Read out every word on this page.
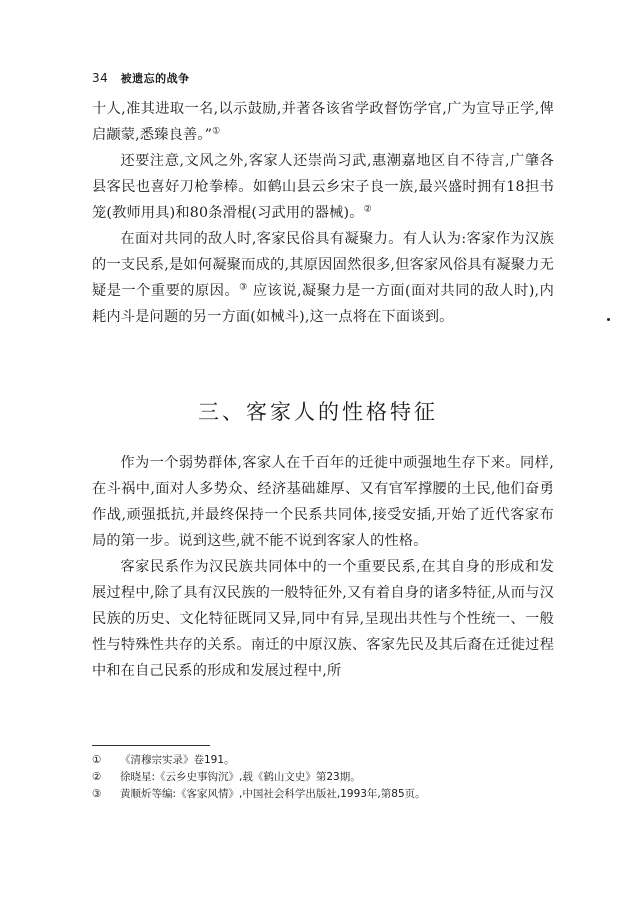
34 被遗忘的战争

十人,准其进取一名,以示鼓励,并著各该省学政督饬学官,广为宣导正学,俾启颛蒙,悉臻良善。”①

还要注意,文风之外,客家人还崇尚习武,惠潮嘉地区自不待言,广肇各县客民也喜好刀枪拳棒。如鹤山县云乡宋子良一族,最兴盛时拥有18担书笼(教师用具)和80条滑棍(习武用的器械)。②

在面对共同的敌人时,客家民俗具有凝聚力。有人认为:客家作为汉族的一支民系,是如何凝聚而成的,其原因固然很多,但客家风俗具有凝聚力无疑是一个重要的原因。③ 应该说,凝聚力是一方面(面对共同的敌人时),内耗内斗是问题的另一方面(如械斗),这一点将在下面谈到。

三、客家人的性格特征

作为一个弱势群体,客家人在千百年的迁徙中顽强地生存下来。同样,在斗祸中,面对人多势众、经济基础雄厚、又有官军撑腰的土民,他们奋勇作战,顽强抵抗,并最终保持一个民系共同体,接受安插,开始了近代客家布局的第一步。说到这些,就不能不说到客家人的性格。

客家民系作为汉民族共同体中的一个重要民系,在其自身的形成和发展过程中,除了具有汉民族的一般特征外,又有着自身的诸多特征,从而与汉民族的历史、文化特征既同又异,同中有异,呈现出共性与个性统一、一般性与特殊性共存的关系。南迁的中原汉族、客家先民及其后裔在迁徙过程中和在自己民系的形成和发展过程中,所

①	《清穆宗实录》卷191。
②	徐晓星:《云乡史事钩沉》,载《鹤山文史》第23期。
③	黄顺炘等编:《客家风情》,中国社会科学出版社,1993年,第85页。
